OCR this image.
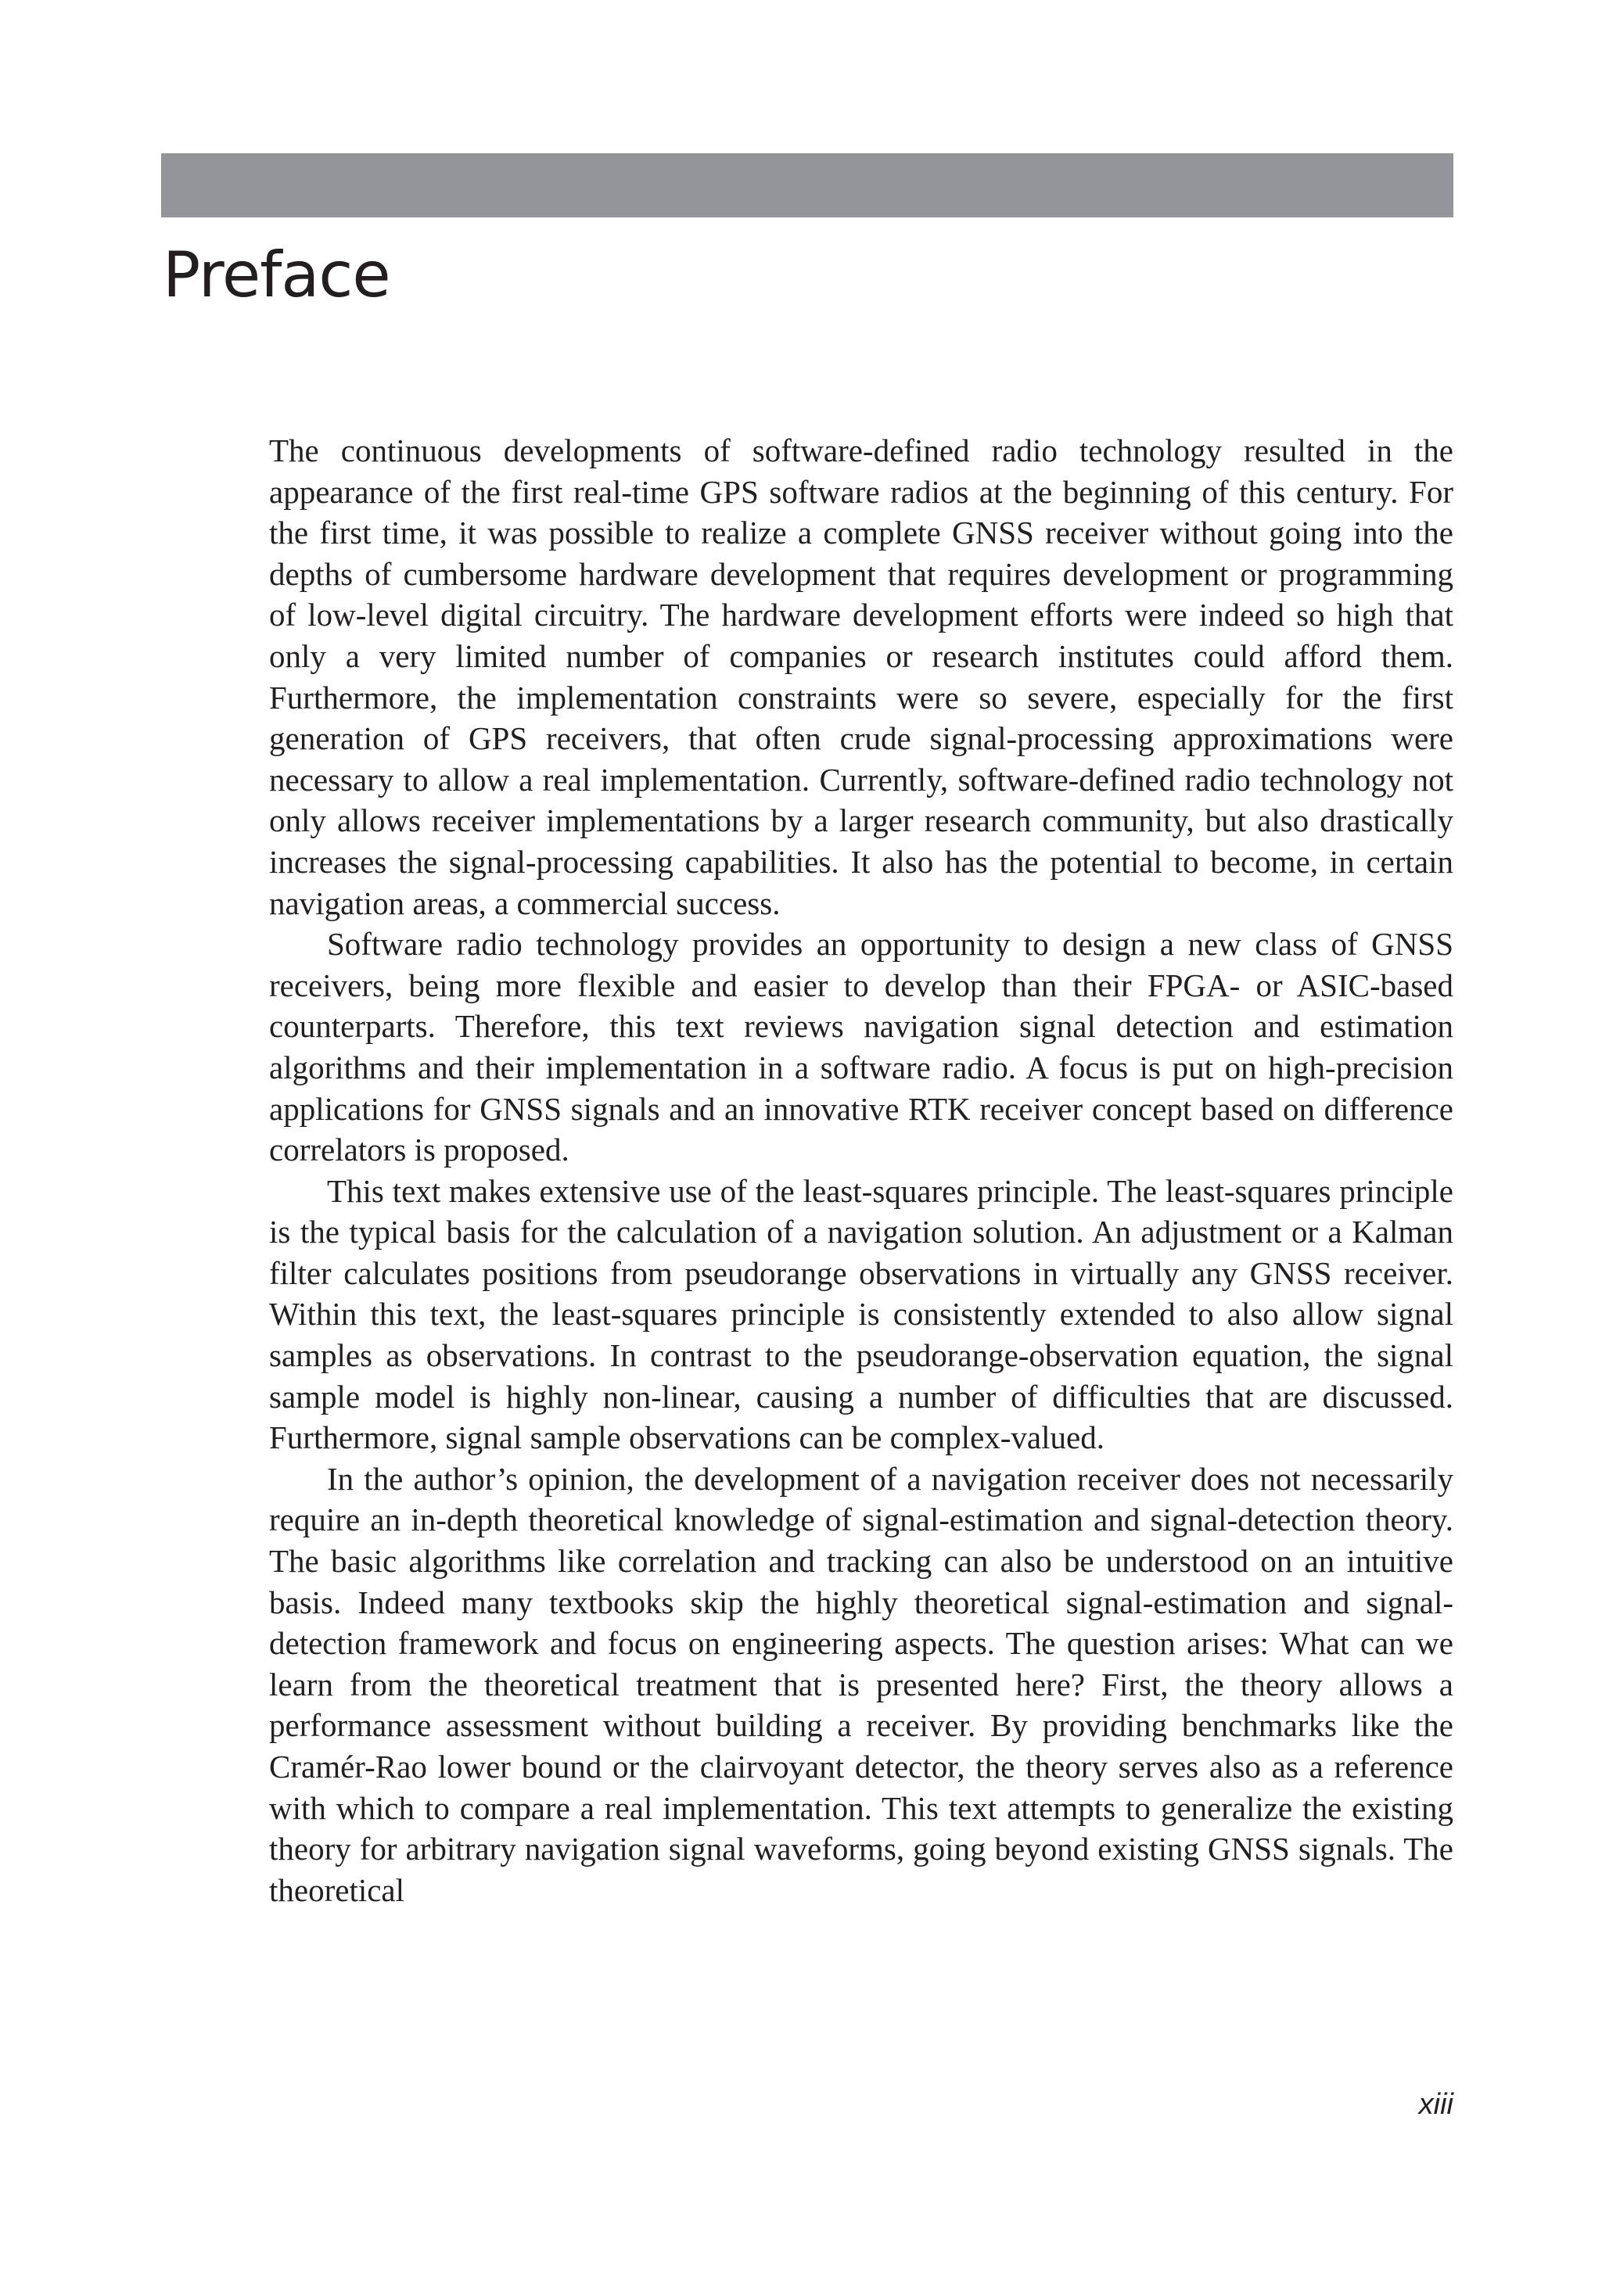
Preface

The continuous developments of software-defined radio technology resulted in the appearance of the first real-time GPS software radios at the beginning of this century. For the first time, it was possible to realize a complete GNSS receiver without going into the depths of cumbersome hardware development that requires development or programming of low-level digital circuitry. The hardware development efforts were indeed so high that only a very limited number of companies or research institutes could afford them. Furthermore, the implementation constraints were so severe, especially for the first generation of GPS receivers, that often crude signal-processing approximations were necessary to allow a real implementation. Currently, software-defined radio technology not only allows receiver implementations by a larger research community, but also drastically increases the signal-processing capabilities. It also has the potential to become, in certain navigation areas, a commercial success.

Software radio technology provides an opportunity to design a new class of GNSS receivers, being more flexible and easier to develop than their FPGA- or ASIC-based counterparts. Therefore, this text reviews navigation signal detection and estimation algorithms and their implementation in a software radio. A focus is put on high-precision applications for GNSS signals and an innovative RTK receiver concept based on difference correlators is proposed.

This text makes extensive use of the least-squares principle. The least-squares principle is the typical basis for the calculation of a navigation solution. An adjustment or a Kalman filter calculates positions from pseudorange observations in virtually any GNSS receiver. Within this text, the least-squares principle is consistently extended to also allow signal samples as observations. In contrast to the pseudorange-observation equation, the signal sample model is highly non-linear, causing a number of difficulties that are discussed. Furthermore, signal sample observations can be complex-valued.

In the author’s opinion, the development of a navigation receiver does not necessarily require an in-depth theoretical knowledge of signal-estimation and signal-detection theory. The basic algorithms like correlation and tracking can also be understood on an intuitive basis. Indeed many textbooks skip the highly theoretical signal-estimation and signal-detection framework and focus on engineering aspects. The question arises: What can we learn from the theoretical treatment that is presented here? First, the theory allows a performance assessment without building a receiver. By providing benchmarks like the Cramér-Rao lower bound or the clairvoyant detector, the theory serves also as a reference with which to compare a real implementation. This text attempts to generalize the existing theory for arbitrary navigation signal waveforms, going beyond existing GNSS signals. The theoretical

xiii
